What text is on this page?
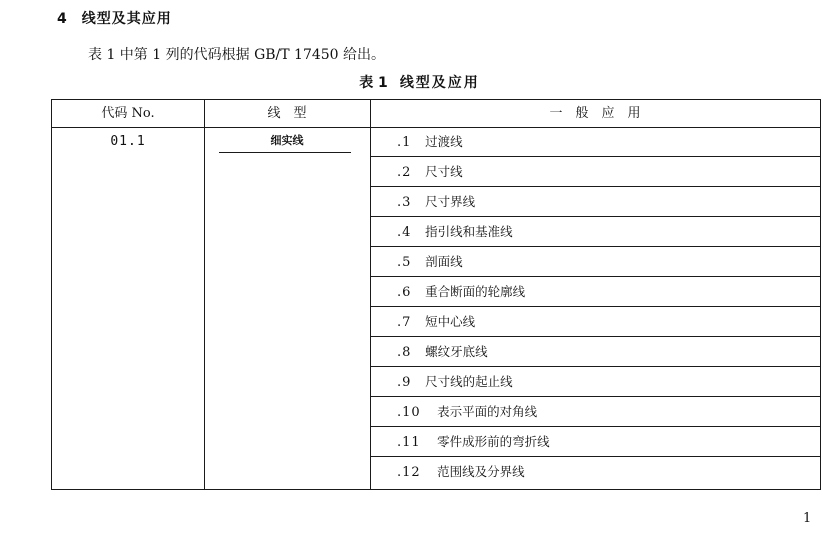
4 线型及其应用
表 1 中第 1 列的代码根据 GB/T 17450 给出。
表 1 线型及应用
代码 No.	线　型	一　般　应　用
01.1	细实线	.1 过渡线
.2 尺寸线
.3 尺寸界线
.4 指引线和基准线
.5 剖面线
.6 重合断面的轮廓线
.7 短中心线
.8 螺纹牙底线
.9 尺寸线的起止线
.10 表示平面的对角线
.11 零件成形前的弯折线
.12 范围线及分界线
1
